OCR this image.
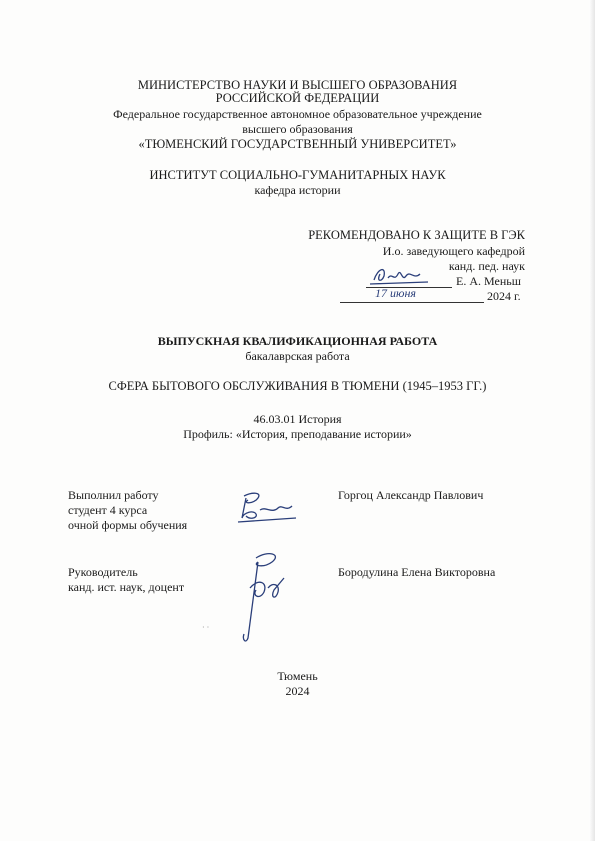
МИНИСТЕРСТВО НАУКИ И ВЫСШЕГО ОБРАЗОВАНИЯ
РОССИЙСКОЙ ФЕДЕРАЦИИ
Федеральное государственное автономное образовательное учреждение
высшего образования
«ТЮМЕНСКИЙ ГОСУДАРСТВЕННЫЙ УНИВЕРСИТЕТ»
ИНСТИТУТ СОЦИАЛЬНО-ГУМАНИТАРНЫХ НАУК
кафедра истории
РЕКОМЕНДОВАНО К ЗАЩИТЕ В ГЭК
И.о. заведующего кафедрой
канд. пед. наук
Е. А. Меньш
2024 г.
17 июня
ВЫПУСКНАЯ КВАЛИФИКАЦИОННАЯ РАБОТА
бакалаврская работа
СФЕРА БЫТОВОГО ОБСЛУЖИВАНИЯ В ТЮМЕНИ (1945–1953 ГГ.)
46.03.01 История
Профиль: «История, преподавание истории»
Выполнил работу
студент 4 курса
очной формы обучения
Горгоц Александр Павлович
Руководитель
канд. ист. наук, доцент
Бородулина Елена Викторовна
· ·
Тюмень
2024
